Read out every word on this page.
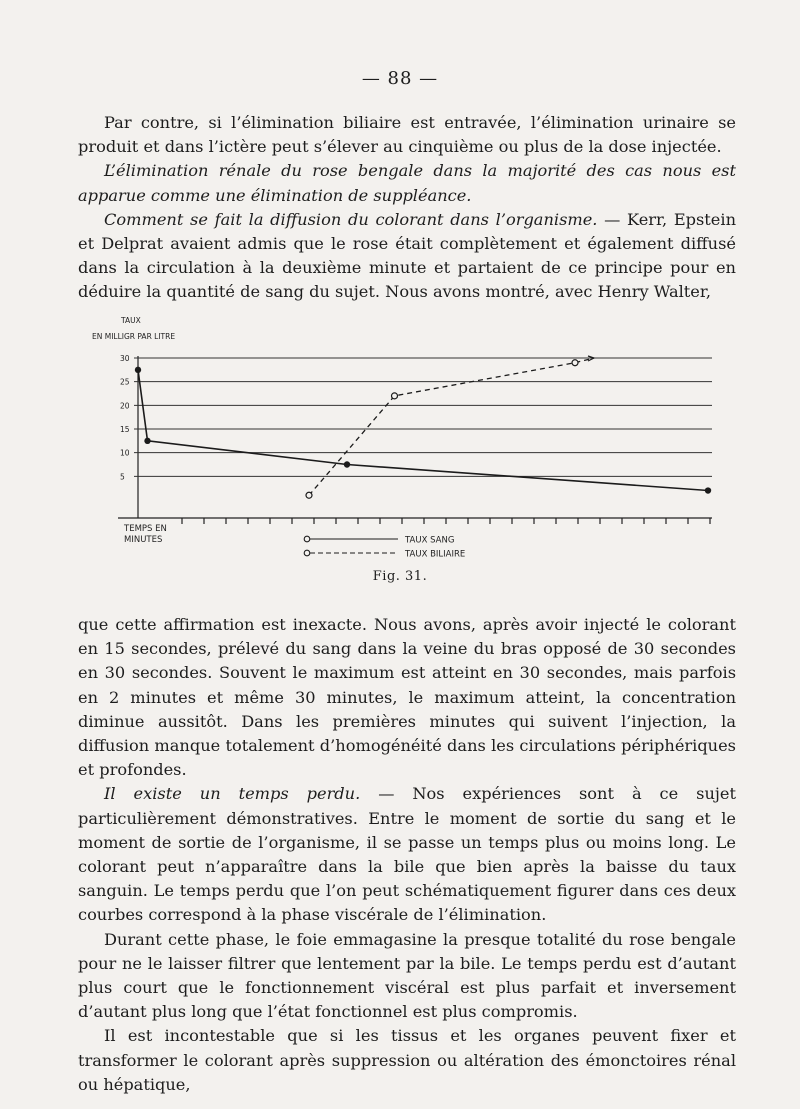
— 88 —

Par contre, si l’élimination biliaire est entravée, l’élimination urinaire se produit et dans l’ictère peut s’élever au cinquième ou plus de la dose injectée.

L’élimination rénale du rose bengale dans la majorité des cas nous est apparue comme une élimination de suppléance.

Comment se fait la diffusion du colorant dans l’organisme. — Kerr, Epstein et Delprat avaient admis que le rose était complètement et également diffusé dans la circulation à la deuxième minute et partaient de ce principe pour en déduire la quantité de sang du sujet. Nous avons montré, avec Henry Walter,

30
25
20
15
10
5
TAUX
EN MILLIGR PAR LITRE
TEMPS EN
MINUTES	TAUX SANG
TAUX BILIAIRE
Fig. 31.

que cette affirmation est inexacte. Nous avons, après avoir injecté le colorant en 15 secondes, prélevé du sang dans la veine du bras opposé de 30 secondes en 30 secondes. Souvent le maximum est atteint en 30 secondes, mais parfois en 2 minutes et même 30 minutes, le maximum atteint, la concentration diminue aussitôt. Dans les premières minutes qui suivent l’injection, la diffusion manque totalement d’homogénéité dans les circulations périphériques et profondes.

Il existe un temps perdu. — Nos expériences sont à ce sujet particulièrement démonstratives. Entre le moment de sortie du sang et le moment de sortie de l’organisme, il se passe un temps plus ou moins long. Le colorant peut n’apparaître dans la bile que bien après la baisse du taux sanguin. Le temps perdu que l’on peut schématiquement figurer dans ces deux courbes correspond à la phase viscérale de l’élimination.

Durant cette phase, le foie emmagasine la presque totalité du rose bengale pour ne le laisser filtrer que lentement par la bile. Le temps perdu est d’autant plus court que le fonctionnement viscéral est plus parfait et inversement d’autant plus long que l’état fonctionnel est plus compromis.

Il est incontestable que si les tissus et les organes peuvent fixer et transformer le colorant après suppression ou altération des émonctoires rénal ou hépatique,
